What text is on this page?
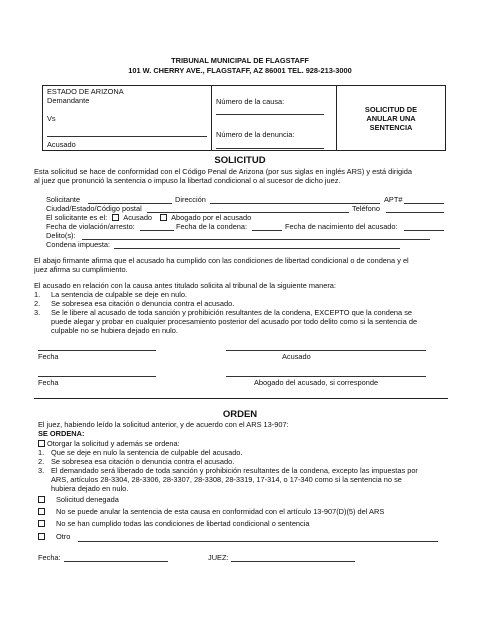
TRIBUNAL MUNICIPAL DE FLAGSTAFF
101 W. CHERRY AVE., FLAGSTAFF, AZ 86001 TEL. 928-213-3000
ESTADO DE ARIZONA
Demandante
Vs
Acusado
Número de la causa:
Número de la denuncia:
SOLICITUD DE
ANULAR UNA
SENTENCIA
SOLICITUD
Esta solicitud se hace de conformidad con el Código Penal de Arizona (por sus siglas en inglés ARS) y está dirigida
al juez que pronunció la sentencia o impuso la libertad condicional o al sucesor de dicho juez.
Solicitante	Dirección	APT#
Ciudad/Estado/Código postal	Teléfono
El solicitante es el: Acusado	Abogado por el acusado
Fecha de violación/arresto:	Fecha de la condena:	Fecha de nacimiento del acusado:
Delito(s):
Condena impuesta:
El abajo firmante afirma que el acusado ha cumplido con las condiciones de libertad condicional o de condena y el
juez afirma su cumplimiento.
El acusado en relación con la causa antes titulado solicita al tribunal de la siguiente manera:
1. La sentencia de culpable se deje en nulo.
2. Se sobresea esa citación o denuncia contra el acusado.
3. Se le libere al acusado de toda sanción y prohibición resultantes de la condena, EXCEPTO que la condena se
puede alegar y probar en cualquier procesamiento posterior del acusado por todo delito como si la sentencia de
culpable no se hubiera dejado en nulo.
Fecha	Acusado
Fecha	Abogado del acusado, si corresponde
ORDEN
El juez, habiendo leído la solicitud anterior, y de acuerdo con el ARS 13-907:
SE ORDENA:
Otorgar la solicitud y además se ordena:
1. Que se deje en nulo la sentencia de culpable del acusado.
2. Se sobresea esa citación o denuncia contra el acusado.
3. El demandado será liberado de toda sanción y prohibición resultantes de la condena, excepto las impuestas por
ARS, artículos 28-3304, 28-3306, 28-3307, 28-3308, 28-3319, 17-314, o 17-340 como si la sentencia no se
hubiera dejado en nulo.
Solicitud denegada
No se puede anular la sentencia de esta causa en conformidad con el artículo 13-907(D)(5) del ARS
No se han cumplido todas las condiciones de libertad condicional o sentencia
Otro
Fecha:	JUEZ:
